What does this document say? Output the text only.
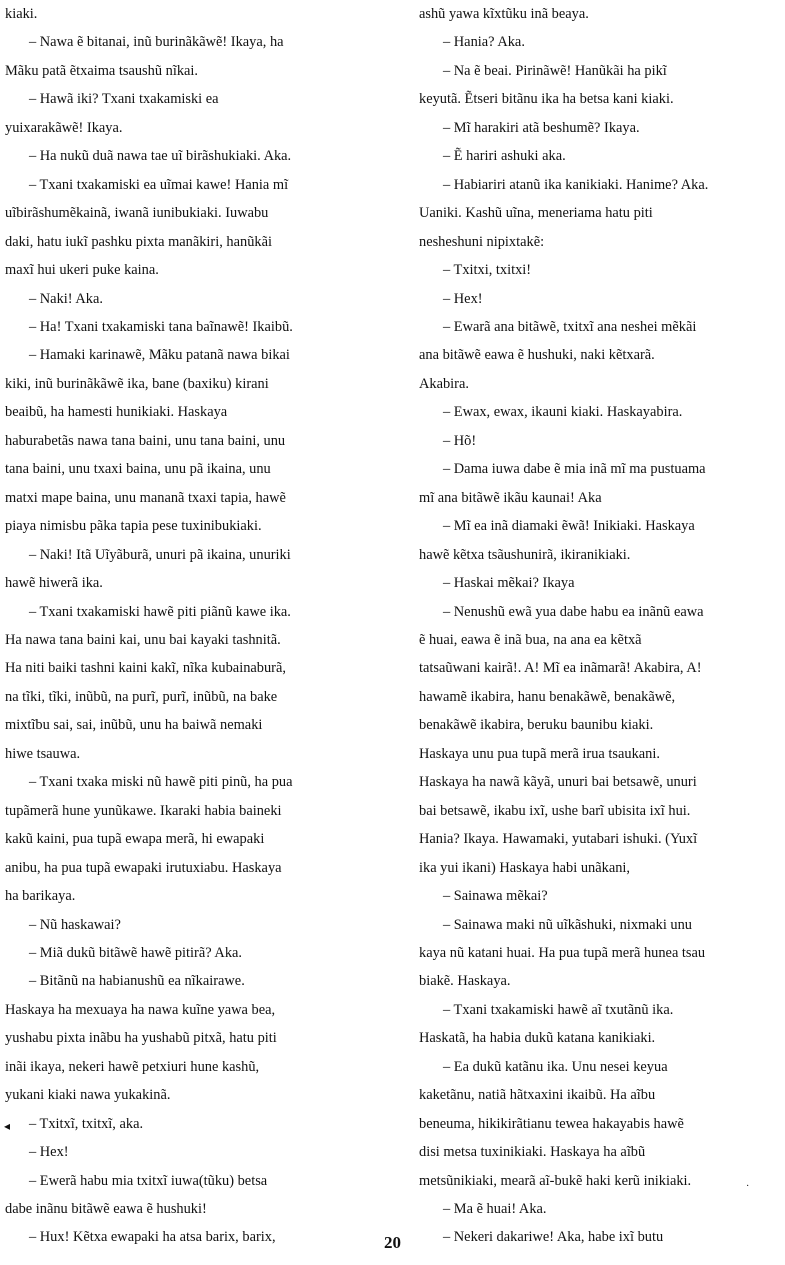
kiaki.

– Nawa ẽ bitanai, inũ burinãkãwẽ! Ikaya, ha

Mãku patã ẽtxaima tsaushũ nĩkai.

– Hawã iki? Txani txakamiski ea

yuixarakãwẽ! Ikaya.

– Ha nukũ duã nawa tae uĩ birãshukiaki. Aka.

– Txani txakamiski ea uĩmai kawe! Hania mĩ

uĩbirãshumẽkainã, iwanã iunibukiaki. Iuwabu

daki, hatu iukĩ pashku pixta manãkiri, hanũkãi

maxĩ hui ukeri puke kaina.

– Naki! Aka.

– Ha! Txani txakamiski tana baĩnawẽ! Ikaibũ.

– Hamaki karinawẽ, Mãku patanã nawa bikai

kiki, inũ burinãkãwẽ ika, bane (baxiku) kirani

beaibũ, ha hamesti hunikiaki. Haskaya

haburabetãs nawa tana baini, unu tana baini, unu

tana baini, unu txaxi baina, unu pã ikaina, unu

matxi mape baina, unu mananã txaxi tapia, hawẽ

piaya nimisbu pãka tapia pese tuxinibukiaki.

– Naki! Itã Uĩyãburã, unuri pã ikaina, unuriki

hawẽ hiwerã ika.

– Txani txakamiski hawẽ piti piãnũ kawe ika.

Ha nawa tana baini kai, unu bai kayaki tashnitã.

Ha niti baiki tashni kaini kakĩ, nĩka kubainaburã,

na tĩki, tĩki, inũbũ, na purĩ, purĩ, inũbũ, na bake

mixtĩbu sai, sai, inũbũ, unu ha baiwã nemaki

hiwe tsauwa.

– Txani txaka miski nũ hawẽ piti pinũ, ha pua

tupãmerã hune yunũkawe. Ikaraki habia baineki

kakũ kaini, pua tupã ewapa merã, hi ewapaki

anibu, ha pua tupã ewapaki irutuxiabu. Haskaya

ha barikaya.

– Nũ haskawai?

– Miã dukũ bitãwẽ hawẽ pitirã? Aka.

– Bitãnũ na habianushũ ea nĩkairawe.

Haskaya ha mexuaya ha nawa kuĩne yawa bea,

yushabu pixta inãbu ha yushabũ pitxã, hatu piti

inãi ikaya, nekeri hawẽ petxiuri hune kashũ,

yukani kiaki nawa yukakinã.

– Txitxĩ, txitxĩ, aka.

– Hex!

– Ewerã habu mia txitxĩ iuwa(tũku) betsa

dabe inãnu bitãwẽ eawa ẽ hushuki!

– Hux! Kẽtxa ewapaki ha atsa barix, barix,

ashũ yawa kĩxtũku inã beaya.

– Hania? Aka.

– Na ẽ beai. Pirinãwẽ! Hanũkãi ha pikĩ

keyutã. Ẽtseri bitãnu ika ha betsa kani kiaki.

– Mĩ harakiri atã beshumẽ? Ikaya.

– Ẽ hariri ashuki aka.

– Habiariri atanũ ika kanikiaki. Hanime? Aka.

Uaniki. Kashũ uĩna, meneriama hatu piti

nesheshuni nipixtakẽ:

– Txitxi, txitxi!

– Hex!

– Ewarã ana bitãwẽ, txitxĩ ana neshei mẽkãi

ana bitãwẽ eawa ẽ hushuki, naki kẽtxarã.

Akabira.

– Ewax, ewax, ikauni kiaki. Haskayabira.

– Hõ!

– Dama iuwa dabe ẽ mia inã mĩ ma pustuama

mĩ ana bitãwẽ ikãu kaunai! Aka

– Mĩ ea inã diamaki ẽwã! Inikiaki. Haskaya

hawẽ kẽtxa tsãushunirã, ikiranikiaki.

– Haskai mẽkai? Ikaya

– Nenushũ ewã yua dabe habu ea inãnũ eawa

ẽ huai, eawa ẽ inã bua, na ana ea kẽtxã

tatsaũwani kairã!. A! Mĩ ea inãmarã! Akabira, A!

hawamẽ ikabira, hanu benakãwẽ, benakãwẽ,

benakãwẽ ikabira, beruku baunibu kiaki.

Haskaya unu pua tupã merã irua tsaukani.

Haskaya ha nawã kãyã, unuri bai betsawẽ, unuri

bai betsawẽ, ikabu ixĩ, ushe barĩ ubisita ixĩ hui.

Hania? Ikaya. Hawamaki, yutabari ishuki. (Yuxĩ

ika yui ikani) Haskaya habi unãkani,

– Sainawa mẽkai?

– Sainawa maki nũ uĩkãshuki, nixmaki unu

kaya nũ katani huai. Ha pua tupã merã hunea tsau

biakẽ. Haskaya.

– Txani txakamiski hawẽ aĩ txutãnũ ika.

Haskatã, ha habia dukũ katana kanikiaki.

– Ea dukũ katãnu ika. Unu nesei keyua

kaketãnu, natiã hãtxaxini ikaibũ. Ha aĩbu

beneuma, hikikirãtianu tewea hakayabis hawẽ

disi metsa tuxinikiaki. Haskaya ha aĩbũ

metsũnikiaki, mearã aĩ-bukẽ haki kerũ inikiaki.

– Ma ẽ huai! Aka.

– Nekeri dakariwe! Aka, habe ixĩ butu

◂
·
20
